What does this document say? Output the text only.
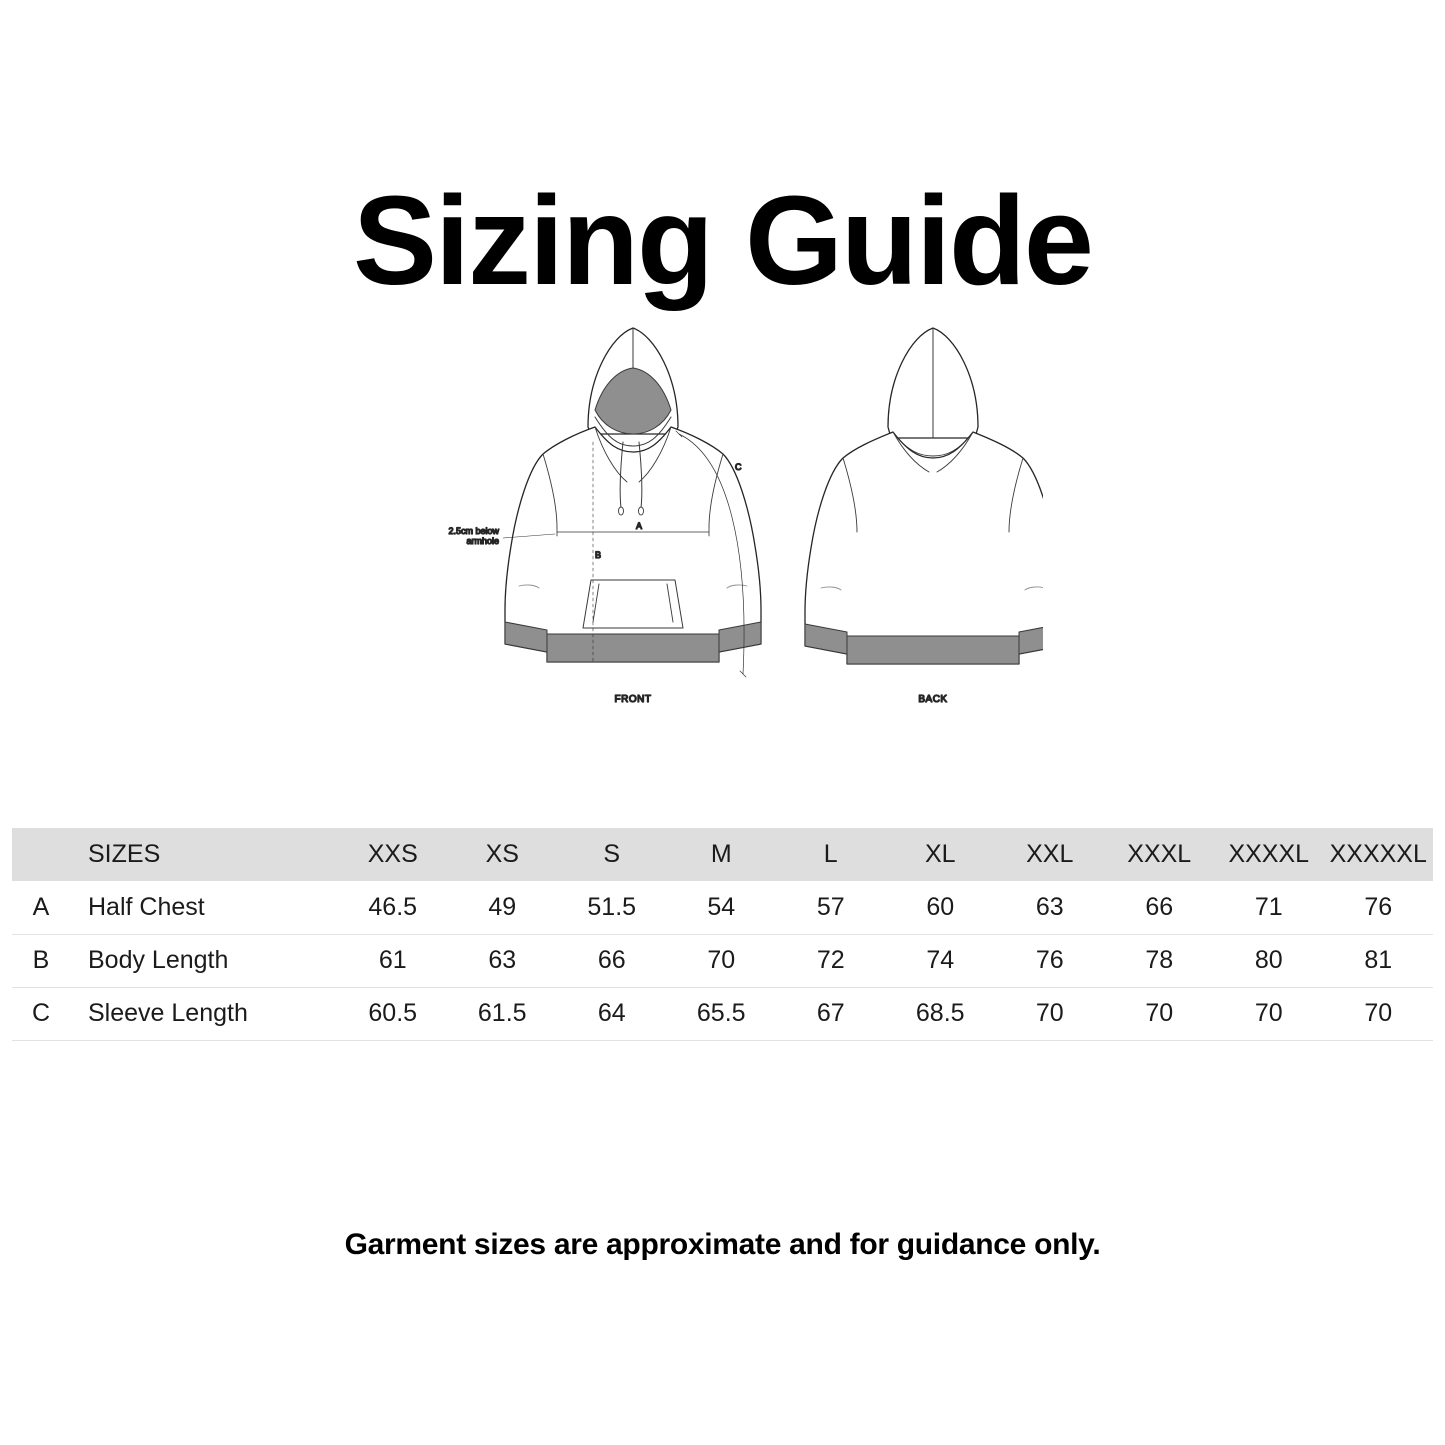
Sizing Guide
A
B
C
2.5cm below
armhole
FRONT	BACK
	SIZES	XXS	XS	S	M	L	XL	XXL	XXXL	XXXXL	XXXXXL
A	Half Chest	46.5	49	51.5	54	57	60	63	66	71	76
B	Body Length	61	63	66	70	72	74	76	78	80	81
C	Sleeve Length	60.5	61.5	64	65.5	67	68.5	70	70	70	70
Garment sizes are approximate and for guidance only.
